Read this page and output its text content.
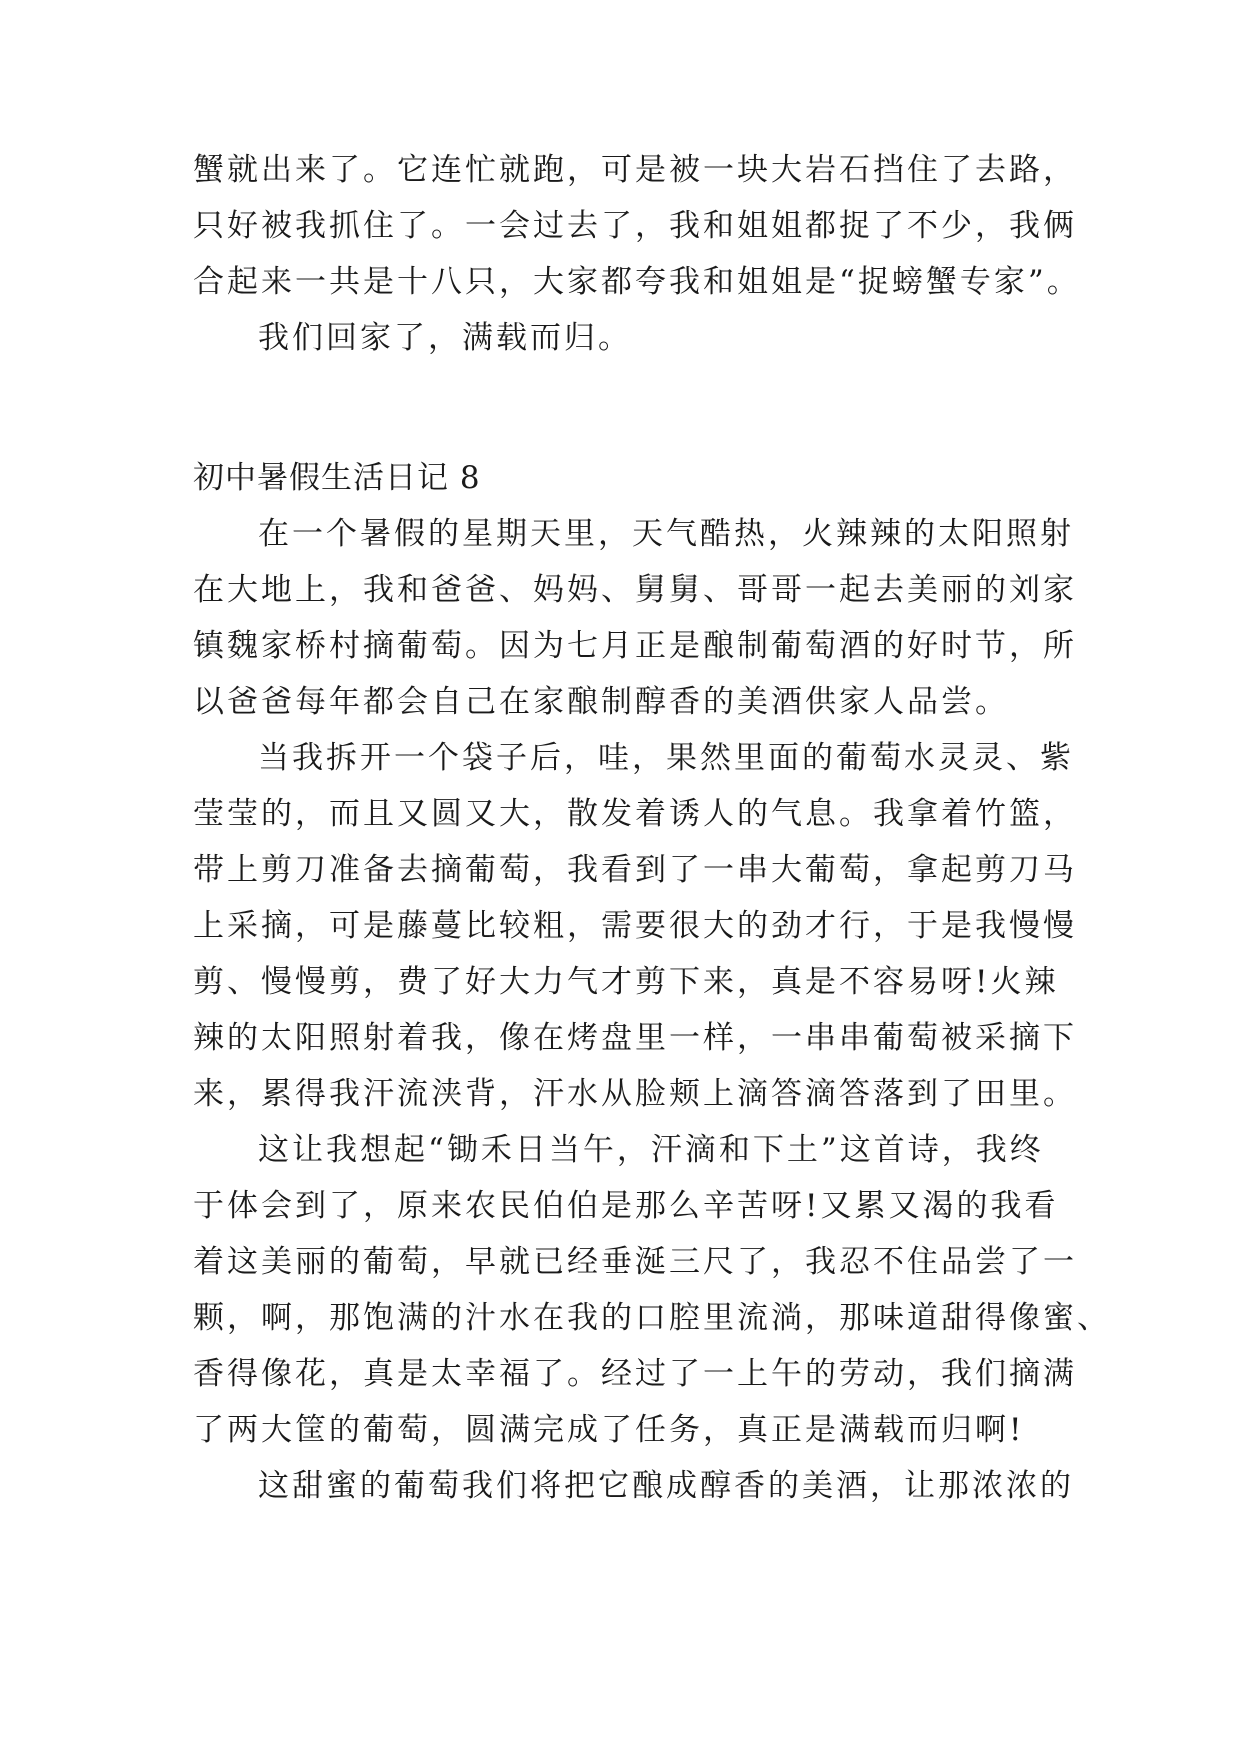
蟹就出来了。它连忙就跑，可是被一块大岩石挡住了去路，
只好被我抓住了。一会过去了，我和姐姐都捉了不少，我俩
合起来一共是十八只，大家都夸我和姐姐是“捉螃蟹专家”。
我们回家了，满载而归。
初中暑假生活日记 8
在一个暑假的星期天里，天气酷热，火辣辣的太阳照射
在大地上，我和爸爸、妈妈、舅舅、哥哥一起去美丽的刘家
镇魏家桥村摘葡萄。因为七月正是酿制葡萄酒的好时节，所
以爸爸每年都会自己在家酿制醇香的美酒供家人品尝。
当我拆开一个袋子后，哇，果然里面的葡萄水灵灵、紫
莹莹的，而且又圆又大，散发着诱人的气息。我拿着竹篮，
带上剪刀准备去摘葡萄，我看到了一串大葡萄，拿起剪刀马
上采摘，可是藤蔓比较粗，需要很大的劲才行，于是我慢慢
剪、慢慢剪，费了好大力气才剪下来，真是不容易呀!火辣
辣的太阳照射着我，像在烤盘里一样，一串串葡萄被采摘下
来，累得我汗流浃背，汗水从脸颊上滴答滴答落到了田里。
这让我想起“锄禾日当午，汗滴和下土”这首诗，我终
于体会到了，原来农民伯伯是那么辛苦呀!又累又渴的我看
着这美丽的葡萄，早就已经垂涎三尺了，我忍不住品尝了一
颗，啊，那饱满的汁水在我的口腔里流淌，那味道甜得像蜜、
香得像花，真是太幸福了。经过了一上午的劳动，我们摘满
了两大筐的葡萄，圆满完成了任务，真正是满载而归啊!
这甜蜜的葡萄我们将把它酿成醇香的美酒，让那浓浓的
